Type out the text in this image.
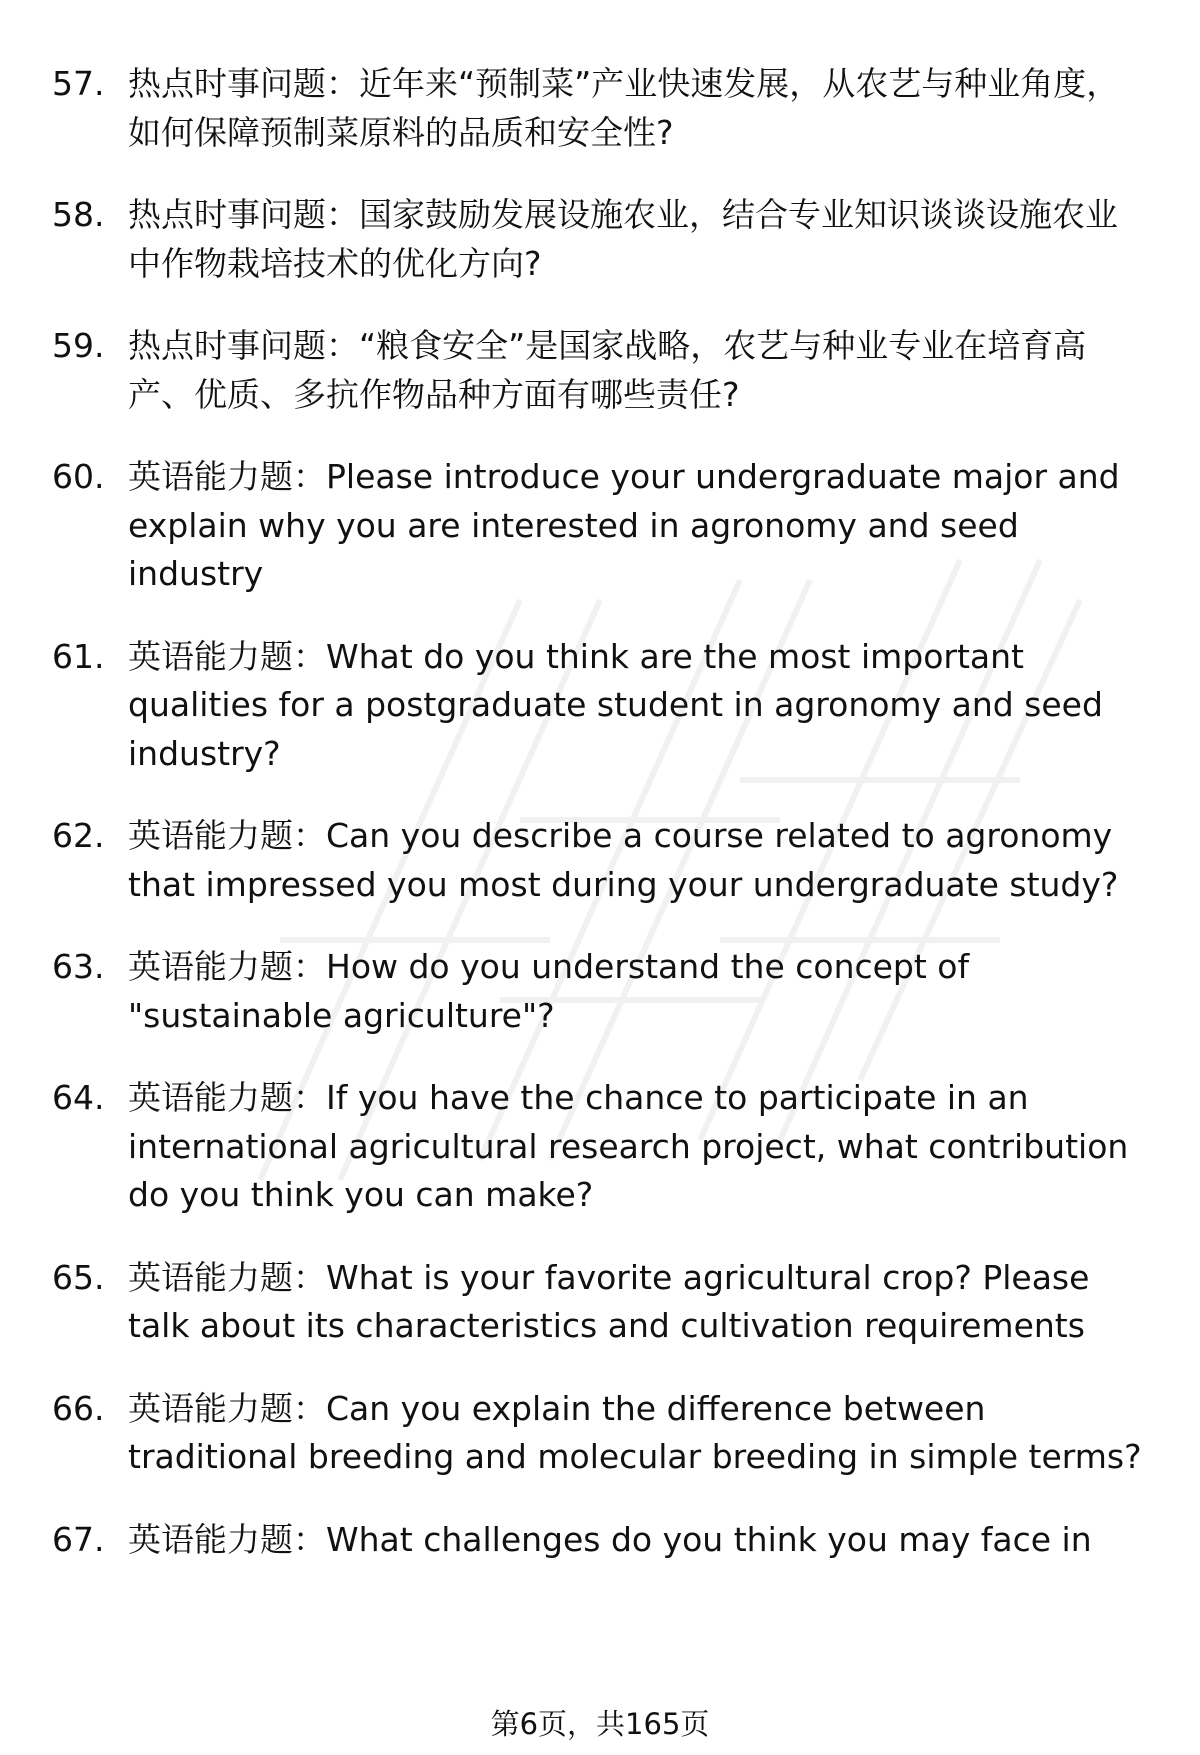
57. 热点时事问题：近年来“预制菜”产业快速发展，从农艺与种业角度，如何保障预制菜原料的品质和安全性?
58. 热点时事问题：国家鼓励发展设施农业，结合专业知识谈谈设施农业中作物栽培技术的优化方向?
59. 热点时事问题：“粮食安全”是国家战略，农艺与种业专业在培育高产、优质、多抗作物品种方面有哪些责任?
60. 英语能力题：Please introduce your undergraduate major and explain why you are interested in agronomy and seed industry
61. 英语能力题：What do you think are the most important qualities for a postgraduate student in agronomy and seed industry?
62. 英语能力题：Can you describe a course related to agronomy that impressed you most during your undergraduate study?
63. 英语能力题：How do you understand the concept of "sustainable agriculture"?
64. 英语能力题：If you have the chance to participate in an international agricultural research project, what contribution do you think you can make?
65. 英语能力题：What is your favorite agricultural crop? Please talk about its characteristics and cultivation requirements
66. 英语能力题：Can you explain the difference between traditional breeding and molecular breeding in simple terms?
67. 英语能力题：What challenges do you think you may face in
第6页，共165页
